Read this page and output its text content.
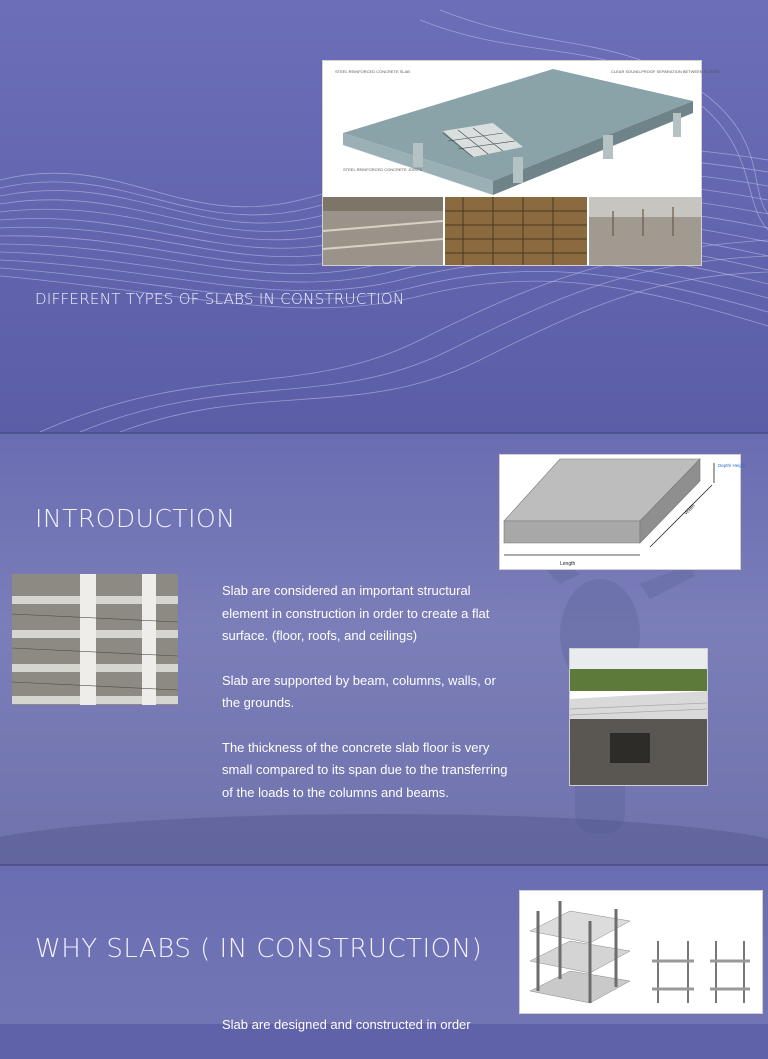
STEEL REINFORCED CONCRETE SLAB	CLEAR SOUND-PROOF SEPARATION BETWEEN FLOORS
STEEL REINFORCED CONCRETE JOISTS
DIFFERENT TYPES OF SLABS IN CONSTRUCTION
INTRODUCTION
Length
Width
Depth/ Height

Slab are considered an important structural element in construction in order to create a flat surface. (floor, roofs, and ceilings)

Slab are supported by beam, columns, walls, or the grounds.

The thickness of the concrete slab floor is very small compared to its span due to the transferring of the loads to the columns and beams.

WHY SLABS ( IN CONSTRUCTION)

Slab are designed and constructed in order
